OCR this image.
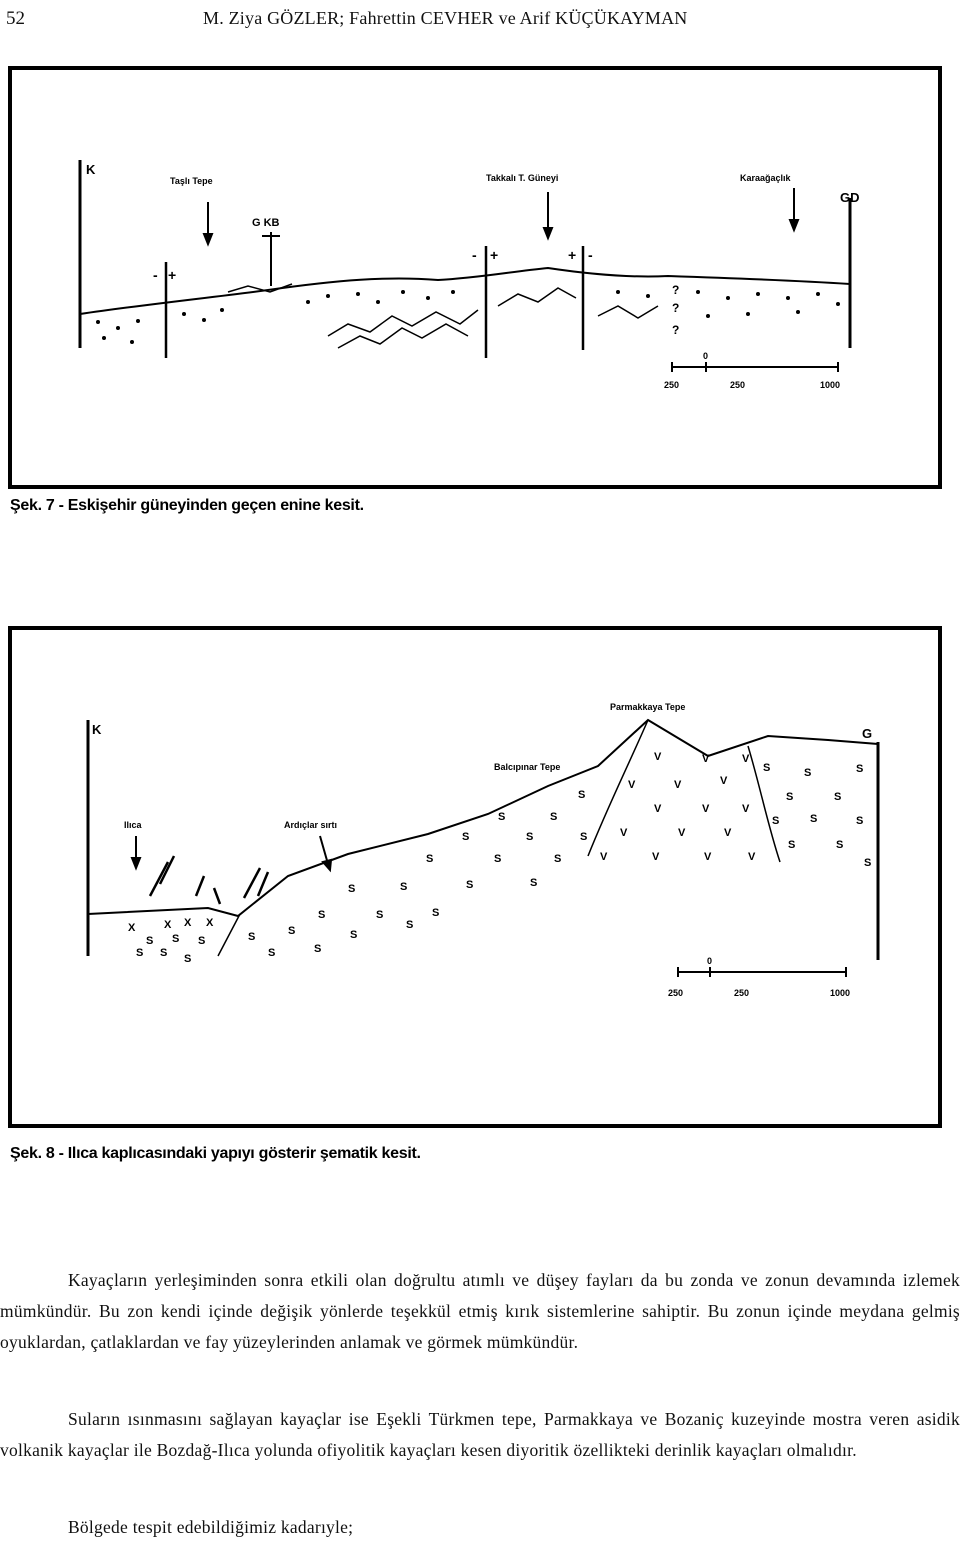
52	M. Ziya GÖZLER; Fahrettin CEVHER ve Arif KÜÇÜKAYMAN
K
GD
Taşlı Tepe	Takkalı T. Güneyi	Karaağaçlık
G KB
+
-
+
-	+ -
?
?
?
0
250	250	1000
Şek. 7 - Eskişehir güneyinden geçen enine kesit.
K	G
Ilıca	Ardıçlar sırtı
Balcıpınar Tepe
Parmakkaya Tepe
X	X X X
S S S
S S S
S	S
S
S
S
S
S
S
S	S	S
S
S
S	S	S
S	S	S
S	S
S
S	S	S
S	S
S	S	S
S	S
S
V
V	V	V
V
V
V	V	V
V	V	V
V	V	V	V
0
250	250	1000
Şek. 8 - Ilıca kaplıcasındaki yapıyı gösterir şematik kesit.

Kayaçların yerleşiminden sonra etkili olan doğrultu atımlı ve düşey fayları da bu zonda ve zonun devamında izlemek mümkündür. Bu zon kendi içinde değişik yönlerde teşekkül etmiş kırık sistemlerine sahiptir. Bu zonun içinde meydana gelmiş oyuklardan, çatlaklardan ve fay yüzeylerinden anlamak ve görmek mümkündür.

Suların ısınmasını sağlayan kayaçlar ise Eşekli Türkmen tepe, Parmakkaya ve Bozaniç kuzeyinde mostra veren asidik volkanik kayaçlar ile Bozdağ-Ilıca yolunda ofiyolitik kayaçları kesen diyoritik özellikteki derinlik kayaçları olmalıdır.

Bölgede tespit edebildiğimiz kadarıyle;
